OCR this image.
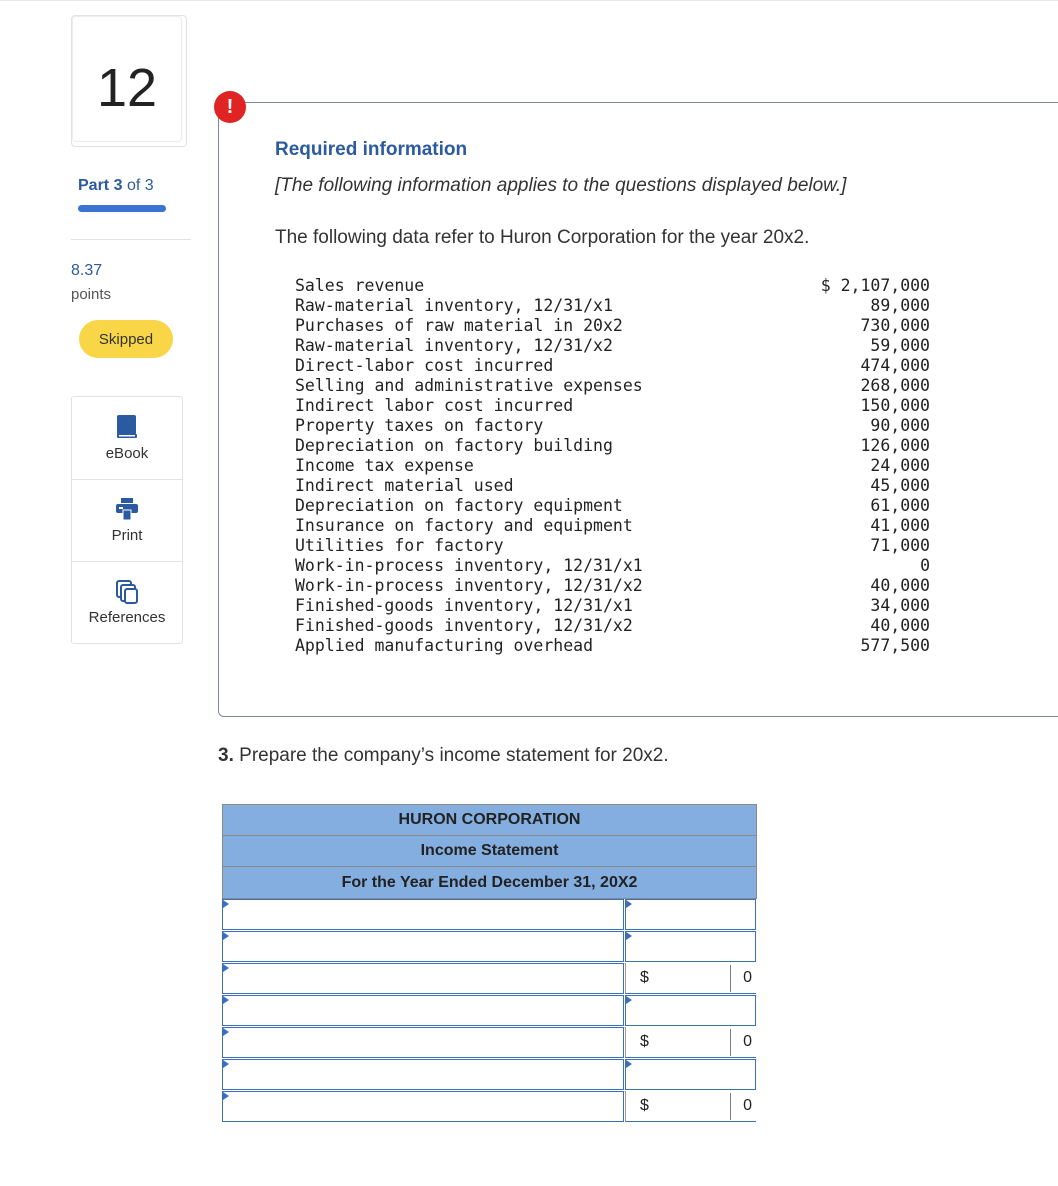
12
Part 3 of 3
8.37
points
Skipped
eBook
Print
References
!
Required information
[The following information applies to the questions displayed below.]
The following data refer to Huron Corporation for the year 20x2.
Sales revenue	$ 2,107,000
Raw-material inventory, 12/31/x1	89,000
Purchases of raw material in 20x2	730,000
Raw-material inventory, 12/31/x2	59,000
Direct-labor cost incurred	474,000
Selling and administrative expenses	268,000
Indirect labor cost incurred	150,000
Property taxes on factory	90,000
Depreciation on factory building	126,000
Income tax expense	24,000
Indirect material used	45,000
Depreciation on factory equipment	61,000
Insurance on factory and equipment	41,000
Utilities for factory	71,000
Work-in-process inventory, 12/31/x1	0
Work-in-process inventory, 12/31/x2	40,000
Finished-goods inventory, 12/31/x1	34,000
Finished-goods inventory, 12/31/x2	40,000
Applied manufacturing overhead	577,500
3. Prepare the company’s income statement for 20x2.
HURON CORPORATION
Income Statement
For the Year Ended December 31, 20X2
$	0
$	0
$	0
